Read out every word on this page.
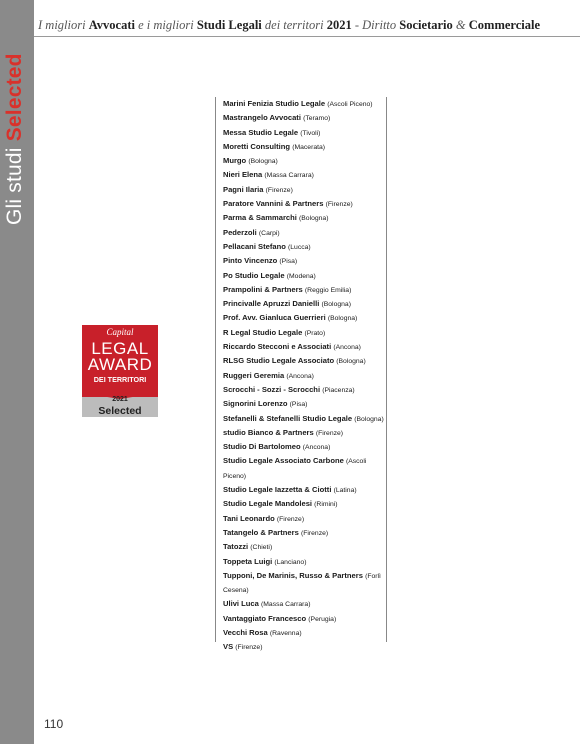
Gli studi Selected
I migliori Avvocati e i migliori Studi Legali dei territori 2021 - Diritto Societario & Commerciale
Capital
LEGAL
AWARD
DEI TERRITORI
2021
Selected
Marini Fenizia Studio Legale (Ascoli Piceno)
Mastrangelo Avvocati (Teramo)
Messa Studio Legale (Tivoli)
Moretti Consulting (Macerata)
Murgo (Bologna)
Nieri Elena (Massa Carrara)
Pagni Ilaria (Firenze)
Paratore Vannini & Partners (Firenze)
Parma & Sammarchi (Bologna)
Pederzoli (Carpi)
Pellacani Stefano (Lucca)
Pinto Vincenzo (Pisa)
Po Studio Legale (Modena)
Prampolini & Partners (Reggio Emilia)
Princivalle Apruzzi Danielli (Bologna)
Prof. Avv. Gianluca Guerrieri (Bologna)
R Legal Studio Legale (Prato)
Riccardo Stecconi e Associati (Ancona)
RLSG Studio Legale Associato (Bologna)
Ruggeri Geremia (Ancona)
Scrocchi - Sozzi - Scrocchi (Piacenza)
Signorini Lorenzo (Pisa)
Stefanelli & Stefanelli Studio Legale (Bologna)
studio Bianco & Partners (Firenze)
Studio Di Bartolomeo (Ancona)
Studio Legale Associato Carbone (Ascoli Piceno)
Studio Legale Iazzetta & Ciotti (Latina)
Studio Legale Mandolesi (Rimini)
Tani Leonardo (Firenze)
Tatangelo & Partners (Firenze)
Tatozzi (Chieti)
Toppeta Luigi (Lanciano)
Tupponi, De Marinis, Russo & Partners (Forlì Cesena)
Ulivi Luca (Massa Carrara)
Vantaggiato Francesco (Perugia)
Vecchi Rosa (Ravenna)
VS (Firenze)
110
